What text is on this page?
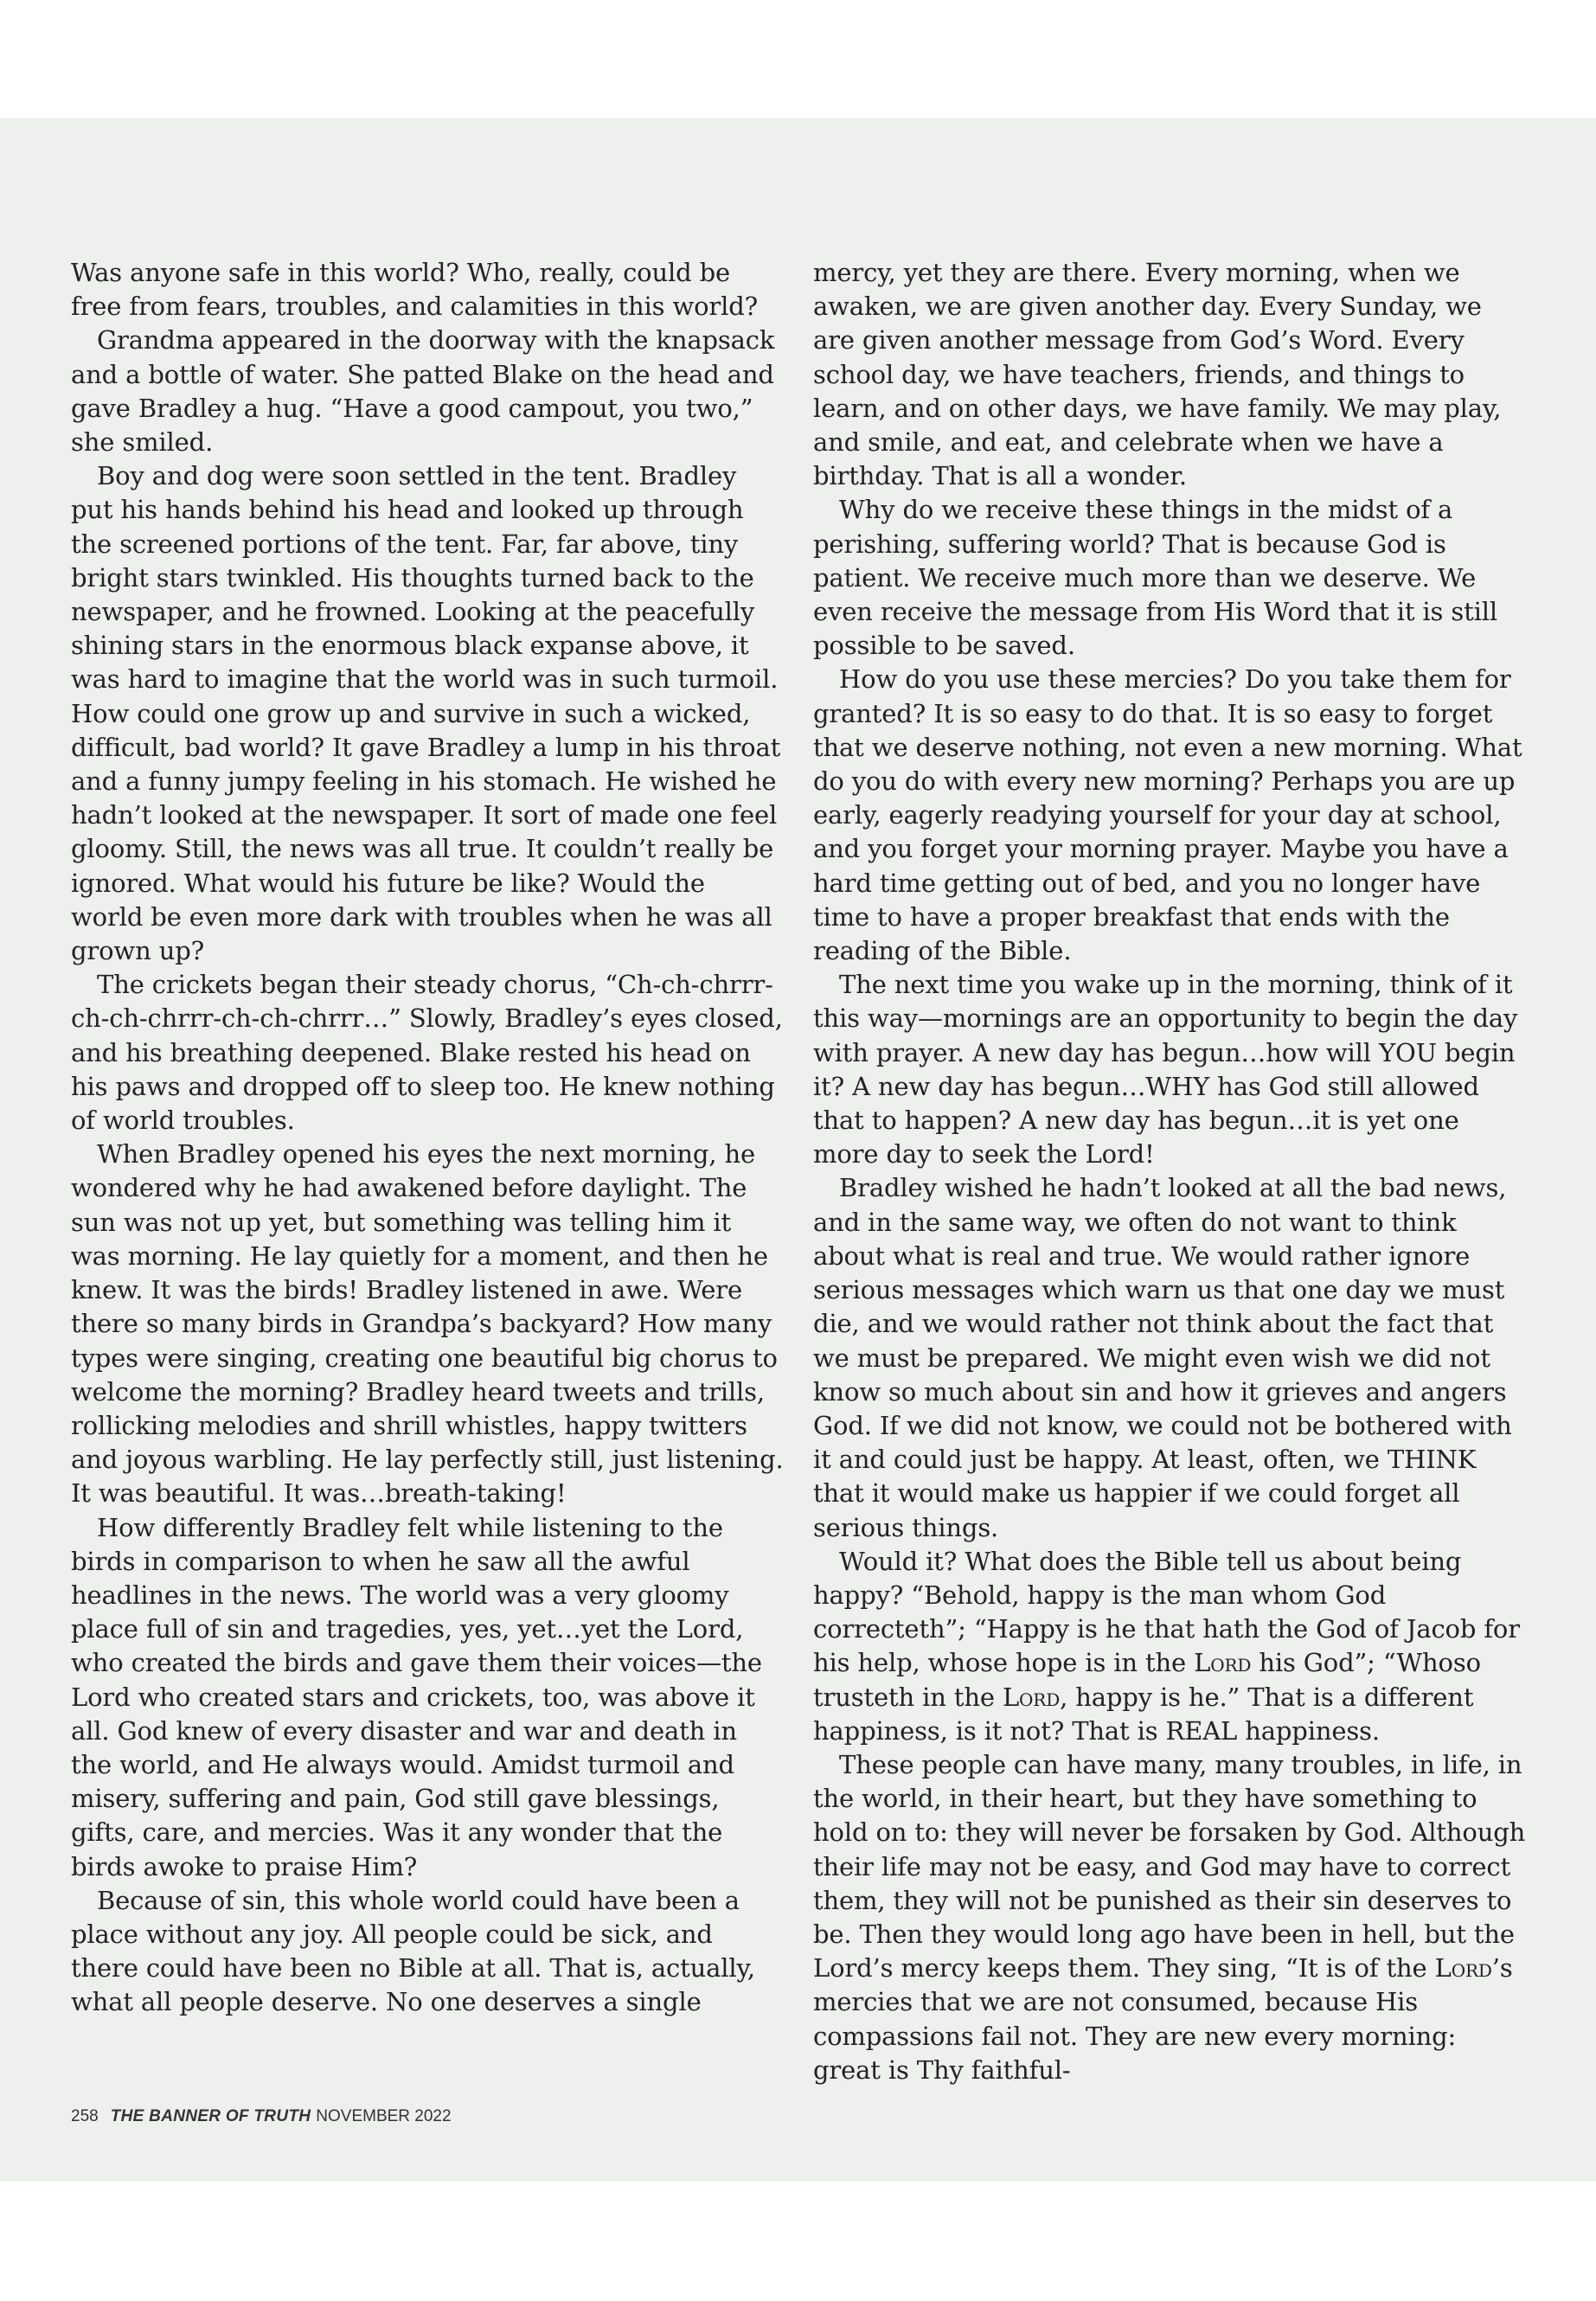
Was anyone safe in this world? Who, really, could be free from fears, troubles, and calamities in this world?

Grandma appeared in the doorway with the knapsack and a bottle of water. She patted Blake on the head and gave Bradley a hug. “Have a good campout, you two,” she smiled.

Boy and dog were soon settled in the tent. Bradley put his hands behind his head and looked up through the screened portions of the tent. Far, far above, tiny bright stars twinkled. His thoughts turned back to the newspaper, and he frowned. Looking at the peacefully shining stars in the enormous black expanse above, it was hard to imagine that the world was in such turmoil. How could one grow up and survive in such a wicked, difficult, bad world? It gave Bradley a lump in his throat and a funny jumpy feeling in his stomach. He wished he hadn’t looked at the newspaper. It sort of made one feel gloomy. Still, the news was all true. It couldn’t really be ignored. What would his future be like? Would the world be even more dark with troubles when he was all grown up?

The crickets began their steady chorus, “Ch-ch-chrrr-ch-ch-chrrr-ch-ch-chrrr…” Slowly, Bradley’s eyes closed, and his breathing deepened. Blake rested his head on his paws and dropped off to sleep too. He knew nothing of world troubles.

When Bradley opened his eyes the next morning, he wondered why he had awakened before daylight. The sun was not up yet, but something was telling him it was morning. He lay quietly for a moment, and then he knew. It was the birds! Bradley listened in awe. Were there so many birds in Grandpa’s backyard? How many types were singing, creating one beautiful big chorus to welcome the morning? Bradley heard tweets and trills, rollicking melodies and shrill whistles, happy twitters and joyous warbling. He lay perfectly still, just listening. It was beautiful. It was…breath-taking!

How differently Bradley felt while listening to the birds in comparison to when he saw all the awful headlines in the news. The world was a very gloomy place full of sin and tragedies, yes, yet…yet the Lord, who created the birds and gave them their voices—the Lord who created stars and crickets, too, was above it all. God knew of every disaster and war and death in the world, and He always would. Amidst turmoil and misery, suffering and pain, God still gave blessings, gifts, care, and mercies. Was it any wonder that the birds awoke to praise Him?

Because of sin, this whole world could have been a place without any joy. All people could be sick, and there could have been no Bible at all. That is, actually, what all people deserve. No one deserves a single

mercy, yet they are there. Every morning, when we awaken, we are given another day. Every Sunday, we are given another message from God’s Word. Every school day, we have teachers, friends, and things to learn, and on other days, we have family. We may play, and smile, and eat, and celebrate when we have a birthday. That is all a wonder.

Why do we receive these things in the midst of a perishing, suffering world? That is because God is patient. We receive much more than we deserve. We even receive the message from His Word that it is still possible to be saved.

How do you use these mercies? Do you take them for granted? It is so easy to do that. It is so easy to forget that we deserve nothing, not even a new morning. What do you do with every new morning? Perhaps you are up early, eagerly readying yourself for your day at school, and you forget your morning prayer. Maybe you have a hard time getting out of bed, and you no longer have time to have a proper breakfast that ends with the reading of the Bible.

The next time you wake up in the morning, think of it this way—mornings are an opportunity to begin the day with prayer. A new day has begun…how will YOU begin it? A new day has begun…WHY has God still allowed that to happen? A new day has begun…it is yet one more day to seek the Lord!

Bradley wished he hadn’t looked at all the bad news, and in the same way, we often do not want to think about what is real and true. We would rather ignore serious messages which warn us that one day we must die, and we would rather not think about the fact that we must be prepared. We might even wish we did not know so much about sin and how it grieves and angers God. If we did not know, we could not be bothered with it and could just be happy. At least, often, we THINK that it would make us happier if we could forget all serious things.

Would it? What does the Bible tell us about being happy? “Behold, happy is the man whom God correcteth”; “Happy is he that hath the God of Jacob for his help, whose hope is in the Lord his God”; “Whoso trusteth in the Lord, happy is he.” That is a different happiness, is it not? That is REAL happiness.

These people can have many, many troubles, in life, in the world, in their heart, but they have something to hold on to: they will never be forsaken by God. Although their life may not be easy, and God may have to correct them, they will not be punished as their sin deserves to be. Then they would long ago have been in hell, but the Lord’s mercy keeps them. They sing, “It is of the Lord’s mercies that we are not consumed, because His compassions fail not. They are new every morning: great is Thy faithful-

258 THE BANNER OF TRUTH NOVEMBER 2022
